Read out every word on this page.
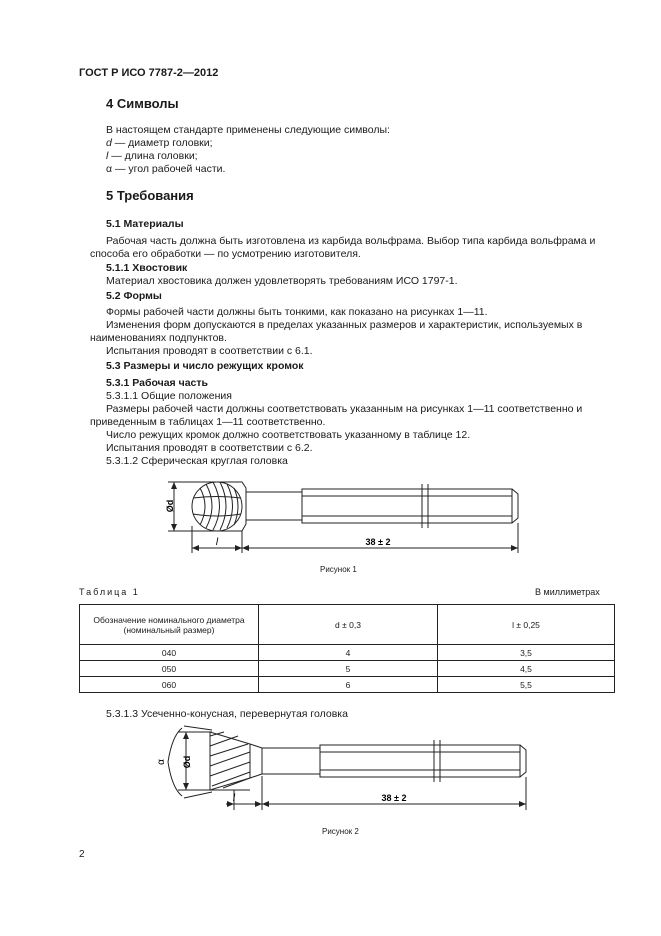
ГОСТ Р ИСО 7787-2—2012
4 Символы
В настоящем стандарте применены следующие символы:
d — диаметр головки;
l — длина головки;
α — угол рабочей части.
5 Требования
5.1 Материалы
Рабочая часть должна быть изготовлена из карбида вольфрама. Выбор типа карбида вольфрама и
способа его обработки — по усмотрению изготовителя.
5.1.1 Хвостовик
Материал хвостовика должен удовлетворять требованиям ИСО 1797-1.
5.2 Формы
Формы рабочей части должны быть тонкими, как показано на рисунках 1—11.
Изменения форм допускаются в пределах указанных размеров и характеристик, используемых в
наименованиях подпунктов.
Испытания проводят в соответствии с 6.1.
5.3 Размеры и число режущих кромок
5.3.1 Рабочая часть
5.3.1.1 Общие положения
Размеры рабочей части должны соответствовать указанным на рисунках 1—11 соответственно и
приведенным в таблицах 1—11 соответственно.
Число режущих кромок должно соответствовать указанному в таблице 12.
Испытания проводят в соответствии с 6.2.
5.3.1.2 Сферическая круглая головка
Ød
l	38 ± 2
Рисунок 1
Таблица 1	В миллиметрах
Обозначение номинального диаметра
(номинальный размер)	d ± 0,3	l ± 0,25
040	4	3,5
050	5	4,5
060	6	5,5
5.3.1.3 Усеченно-конусная, перевернутая головка
α Ød
l	38 ± 2
Рисунок 2
2
